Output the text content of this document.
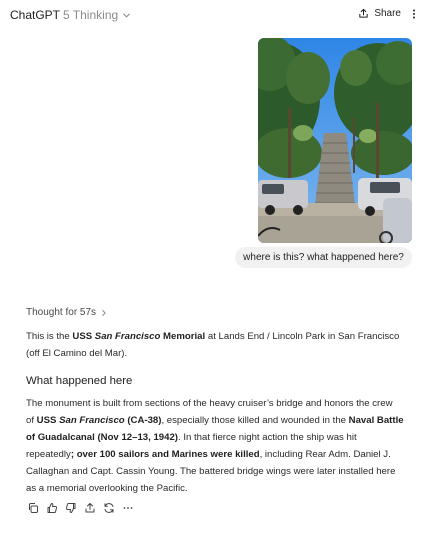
ChatGPT 5 Thinking	Share
where is this? what happened here?
Thought for 57s

This is the USS San Francisco Memorial at Lands End / Lincoln Park in San Francisco
(off El Camino del Mar).

What happened here

The monument is built from sections of the heavy cruiser’s bridge and honors the crew
of USS San Francisco (CA-38), especially those killed and wounded in the Naval Battle
of Guadalcanal (Nov 12–13, 1942). In that fierce night action the ship was hit
repeatedly; over 100 sailors and Marines were killed, including Rear Adm. Daniel J.
Callaghan and Capt. Cassin Young. The battered bridge wings were later installed here
as a memorial overlooking the Pacific.
